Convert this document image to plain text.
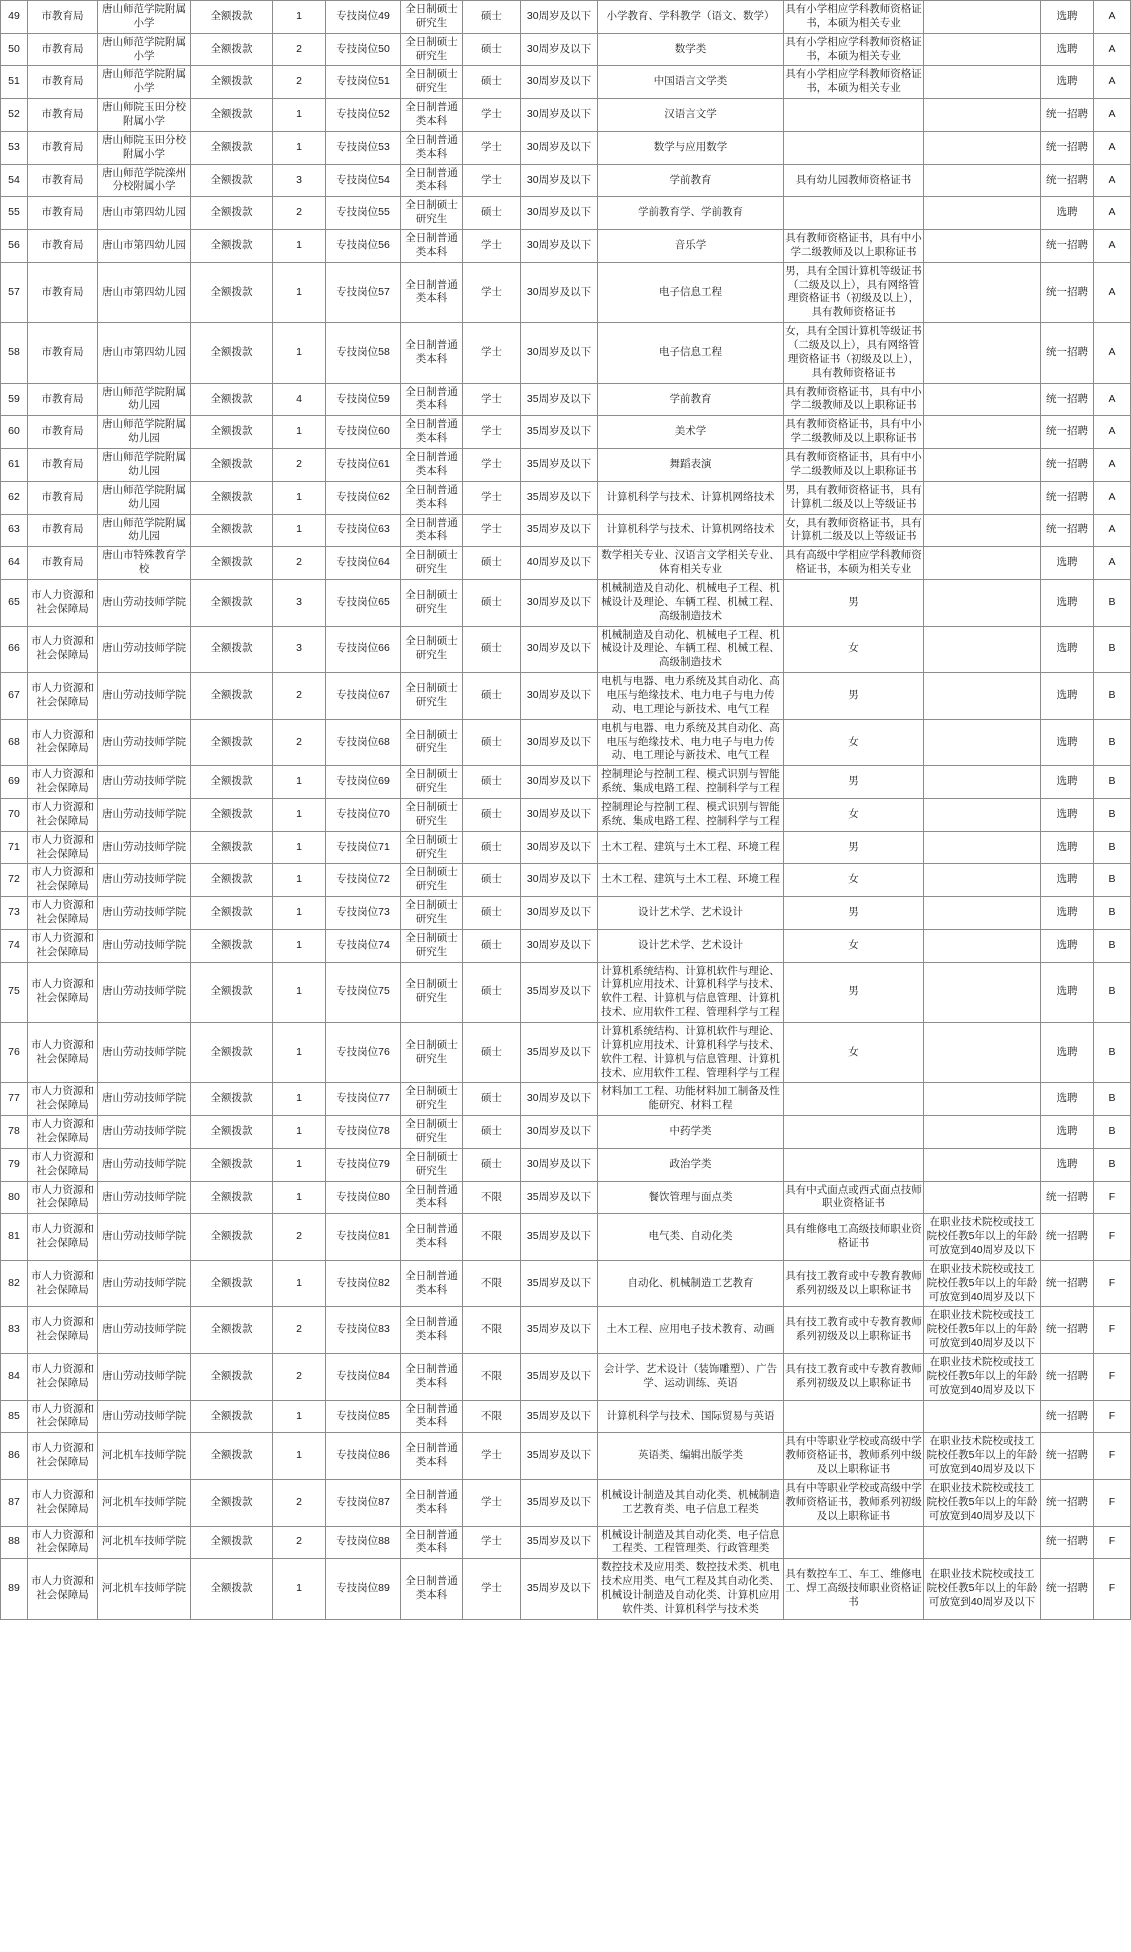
49	市教育局	唐山师范学院附属小学	全额拨款	1	专技岗位49	全日制硕士研究生	硕士	30周岁及以下	小学教育、学科教学（语文、数学）	具有小学相应学科教师资格证书，本硕为相关专业		选聘	A
50	市教育局	唐山师范学院附属小学	全额拨款	2	专技岗位50	全日制硕士研究生	硕士	30周岁及以下	数学类	具有小学相应学科教师资格证书，本硕为相关专业		选聘	A
51	市教育局	唐山师范学院附属小学	全额拨款	2	专技岗位51	全日制硕士研究生	硕士	30周岁及以下	中国语言文学类	具有小学相应学科教师资格证书，本硕为相关专业		选聘	A
52	市教育局	唐山师院玉田分校附属小学	全额拨款	1	专技岗位52	全日制普通类本科	学士	30周岁及以下	汉语言文学			统一招聘	A
53	市教育局	唐山师院玉田分校附属小学	全额拨款	1	专技岗位53	全日制普通类本科	学士	30周岁及以下	数学与应用数学			统一招聘	A
54	市教育局	唐山师范学院滦州分校附属小学	全额拨款	3	专技岗位54	全日制普通类本科	学士	30周岁及以下	学前教育	具有幼儿园教师资格证书		统一招聘	A
55	市教育局	唐山市第四幼儿园	全额拨款	2	专技岗位55	全日制硕士研究生	硕士	30周岁及以下	学前教育学、学前教育			选聘	A
56	市教育局	唐山市第四幼儿园	全额拨款	1	专技岗位56	全日制普通类本科	学士	30周岁及以下	音乐学	具有教师资格证书，具有中小学二级教师及以上职称证书		统一招聘	A
57	市教育局	唐山市第四幼儿园	全额拨款	1	专技岗位57	全日制普通类本科	学士	30周岁及以下	电子信息工程	男，具有全国计算机等级证书（二级及以上），具有网络管理资格证书（初级及以上），具有教师资格证书		统一招聘	A
58	市教育局	唐山市第四幼儿园	全额拨款	1	专技岗位58	全日制普通类本科	学士	30周岁及以下	电子信息工程	女，具有全国计算机等级证书（二级及以上），具有网络管理资格证书（初级及以上），具有教师资格证书		统一招聘	A
59	市教育局	唐山师范学院附属幼儿园	全额拨款	4	专技岗位59	全日制普通类本科	学士	35周岁及以下	学前教育	具有教师资格证书，具有中小学二级教师及以上职称证书		统一招聘	A
60	市教育局	唐山师范学院附属幼儿园	全额拨款	1	专技岗位60	全日制普通类本科	学士	35周岁及以下	美术学	具有教师资格证书，具有中小学二级教师及以上职称证书		统一招聘	A
61	市教育局	唐山师范学院附属幼儿园	全额拨款	2	专技岗位61	全日制普通类本科	学士	35周岁及以下	舞蹈表演	具有教师资格证书，具有中小学二级教师及以上职称证书		统一招聘	A
62	市教育局	唐山师范学院附属幼儿园	全额拨款	1	专技岗位62	全日制普通类本科	学士	35周岁及以下	计算机科学与技术、计算机网络技术	男，具有教师资格证书，具有计算机二级及以上等级证书		统一招聘	A
63	市教育局	唐山师范学院附属幼儿园	全额拨款	1	专技岗位63	全日制普通类本科	学士	35周岁及以下	计算机科学与技术、计算机网络技术	女，具有教师资格证书，具有计算机二级及以上等级证书		统一招聘	A
64	市教育局	唐山市特殊教育学校	全额拨款	2	专技岗位64	全日制硕士研究生	硕士	40周岁及以下	数学相关专业、汉语言文学相关专业、体育相关专业	具有高级中学相应学科教师资格证书，本硕为相关专业		选聘	A
65	市人力资源和社会保障局	唐山劳动技师学院	全额拨款	3	专技岗位65	全日制硕士研究生	硕士	30周岁及以下	机械制造及自动化、机械电子工程、机械设计及理论、车辆工程、机械工程、高级制造技术	男		选聘	B
66	市人力资源和社会保障局	唐山劳动技师学院	全额拨款	3	专技岗位66	全日制硕士研究生	硕士	30周岁及以下	机械制造及自动化、机械电子工程、机械设计及理论、车辆工程、机械工程、高级制造技术	女		选聘	B
67	市人力资源和社会保障局	唐山劳动技师学院	全额拨款	2	专技岗位67	全日制硕士研究生	硕士	30周岁及以下	电机与电器、电力系统及其自动化、高电压与绝缘技术、电力电子与电力传动、电工理论与新技术、电气工程	男		选聘	B
68	市人力资源和社会保障局	唐山劳动技师学院	全额拨款	2	专技岗位68	全日制硕士研究生	硕士	30周岁及以下	电机与电器、电力系统及其自动化、高电压与绝缘技术、电力电子与电力传动、电工理论与新技术、电气工程	女		选聘	B
69	市人力资源和社会保障局	唐山劳动技师学院	全额拨款	1	专技岗位69	全日制硕士研究生	硕士	30周岁及以下	控制理论与控制工程、模式识别与智能系统、集成电路工程、控制科学与工程	男		选聘	B
70	市人力资源和社会保障局	唐山劳动技师学院	全额拨款	1	专技岗位70	全日制硕士研究生	硕士	30周岁及以下	控制理论与控制工程、模式识别与智能系统、集成电路工程、控制科学与工程	女		选聘	B
71	市人力资源和社会保障局	唐山劳动技师学院	全额拨款	1	专技岗位71	全日制硕士研究生	硕士	30周岁及以下	土木工程、建筑与土木工程、环境工程	男		选聘	B
72	市人力资源和社会保障局	唐山劳动技师学院	全额拨款	1	专技岗位72	全日制硕士研究生	硕士	30周岁及以下	土木工程、建筑与土木工程、环境工程	女		选聘	B
73	市人力资源和社会保障局	唐山劳动技师学院	全额拨款	1	专技岗位73	全日制硕士研究生	硕士	30周岁及以下	设计艺术学、艺术设计	男		选聘	B
74	市人力资源和社会保障局	唐山劳动技师学院	全额拨款	1	专技岗位74	全日制硕士研究生	硕士	30周岁及以下	设计艺术学、艺术设计	女		选聘	B
75	市人力资源和社会保障局	唐山劳动技师学院	全额拨款	1	专技岗位75	全日制硕士研究生	硕士	35周岁及以下	计算机系统结构、计算机软件与理论、计算机应用技术、计算机科学与技术、软件工程、计算机与信息管理、计算机技术、应用软件工程、管理科学与工程	男		选聘	B
76	市人力资源和社会保障局	唐山劳动技师学院	全额拨款	1	专技岗位76	全日制硕士研究生	硕士	35周岁及以下	计算机系统结构、计算机软件与理论、计算机应用技术、计算机科学与技术、软件工程、计算机与信息管理、计算机技术、应用软件工程、管理科学与工程	女		选聘	B
77	市人力资源和社会保障局	唐山劳动技师学院	全额拨款	1	专技岗位77	全日制硕士研究生	硕士	30周岁及以下	材料加工工程、功能材料加工制备及性能研究、材料工程			选聘	B
78	市人力资源和社会保障局	唐山劳动技师学院	全额拨款	1	专技岗位78	全日制硕士研究生	硕士	30周岁及以下	中药学类			选聘	B
79	市人力资源和社会保障局	唐山劳动技师学院	全额拨款	1	专技岗位79	全日制硕士研究生	硕士	30周岁及以下	政治学类			选聘	B
80	市人力资源和社会保障局	唐山劳动技师学院	全额拨款	1	专技岗位80	全日制普通类本科	不限	35周岁及以下	餐饮管理与面点类	具有中式面点或西式面点技师职业资格证书		统一招聘	F
81	市人力资源和社会保障局	唐山劳动技师学院	全额拨款	2	专技岗位81	全日制普通类本科	不限	35周岁及以下	电气类、自动化类	具有维修电工高级技师职业资格证书	在职业技术院校或技工院校任教5年以上的年龄可放宽到40周岁及以下	统一招聘	F
82	市人力资源和社会保障局	唐山劳动技师学院	全额拨款	1	专技岗位82	全日制普通类本科	不限	35周岁及以下	自动化、机械制造工艺教育	具有技工教育或中专教育教师系列初级及以上职称证书	在职业技术院校或技工院校任教5年以上的年龄可放宽到40周岁及以下	统一招聘	F
83	市人力资源和社会保障局	唐山劳动技师学院	全额拨款	2	专技岗位83	全日制普通类本科	不限	35周岁及以下	土木工程、应用电子技术教育、动画	具有技工教育或中专教育教师系列初级及以上职称证书	在职业技术院校或技工院校任教5年以上的年龄可放宽到40周岁及以下	统一招聘	F
84	市人力资源和社会保障局	唐山劳动技师学院	全额拨款	2	专技岗位84	全日制普通类本科	不限	35周岁及以下	会计学、艺术设计（装饰雕塑）、广告学、运动训练、英语	具有技工教育或中专教育教师系列初级及以上职称证书	在职业技术院校或技工院校任教5年以上的年龄可放宽到40周岁及以下	统一招聘	F
85	市人力资源和社会保障局	唐山劳动技师学院	全额拨款	1	专技岗位85	全日制普通类本科	不限	35周岁及以下	计算机科学与技术、国际贸易与英语			统一招聘	F
86	市人力资源和社会保障局	河北机车技师学院	全额拨款	1	专技岗位86	全日制普通类本科	学士	35周岁及以下	英语类、编辑出版学类	具有中等职业学校或高级中学教师资格证书，教师系列中级及以上职称证书	在职业技术院校或技工院校任教5年以上的年龄可放宽到40周岁及以下	统一招聘	F
87	市人力资源和社会保障局	河北机车技师学院	全额拨款	2	专技岗位87	全日制普通类本科	学士	35周岁及以下	机械设计制造及其自动化类、机械制造工艺教育类、电子信息工程类	具有中等职业学校或高级中学教师资格证书，教师系列初级及以上职称证书	在职业技术院校或技工院校任教5年以上的年龄可放宽到40周岁及以下	统一招聘	F
88	市人力资源和社会保障局	河北机车技师学院	全额拨款	2	专技岗位88	全日制普通类本科	学士	35周岁及以下	机械设计制造及其自动化类、电子信息工程类、工程管理类、行政管理类			统一招聘	F
89	市人力资源和社会保障局	河北机车技师学院	全额拨款	1	专技岗位89	全日制普通类本科	学士	35周岁及以下	数控技术及应用类、数控技术类、机电技术应用类、电气工程及其自动化类、机械设计制造及自动化类、计算机应用软件类、计算机科学与技术类	具有数控车工、车工、维修电工、焊工高级技师职业资格证书	在职业技术院校或技工院校任教5年以上的年龄可放宽到40周岁及以下	统一招聘	F
